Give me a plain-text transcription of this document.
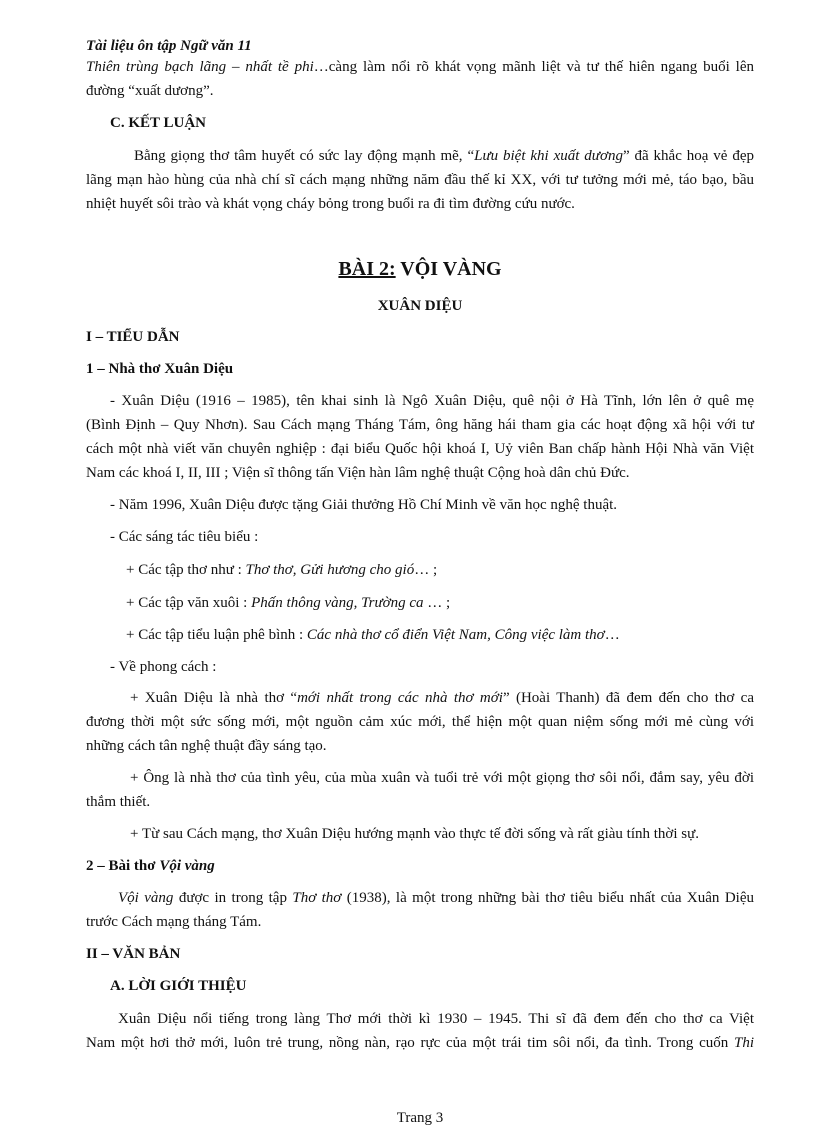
Tài liệu ôn tập Ngữ văn 11
Thiên trùng bạch lãng – nhất tề phi…càng làm nổi rõ khát vọng mãnh liệt và tư thế hiên ngang buổi lên
đường “xuất dương”.
C. KẾT LUẬN
Bằng giọng thơ tâm huyết có sức lay động mạnh mẽ, “Lưu biệt khi xuất dương” đã khắc hoạ vẻ đẹp
lãng mạn hào hùng của nhà chí sĩ cách mạng những năm đầu thế kỉ XX, với tư tưởng mới mẻ, táo bạo, bầu
nhiệt huyết sôi trào và khát vọng cháy bỏng trong buổi ra đi tìm đường cứu nước.
BÀI 2: VỘI VÀNG
XUÂN DIỆU
I – TIỂU DẪN
1 – Nhà thơ Xuân Diệu
- Xuân Diệu (1916 – 1985), tên khai sinh là Ngô Xuân Diệu, quê nội ở Hà Tĩnh, lớn lên ở quê mẹ
(Bình Định – Quy Nhơn). Sau Cách mạng Tháng Tám, ông hăng hái tham gia các hoạt động xã hội với tư
cách một nhà viết văn chuyên nghiệp : đại biểu Quốc hội khoá I, Uỷ viên Ban chấp hành Hội Nhà văn Việt
Nam các khoá I, II, III ; Viện sĩ thông tấn Viện hàn lâm nghệ thuật Cộng hoà dân chủ Đức.
- Năm 1996, Xuân Diệu được tặng Giải thưởng Hồ Chí Minh về văn học nghệ thuật.
- Các sáng tác tiêu biểu :
+ Các tập thơ như : Thơ thơ, Gửi hương cho gió… ;
+ Các tập văn xuôi : Phấn thông vàng, Trường ca … ;
+ Các tập tiểu luận phê bình : Các nhà thơ cổ điển Việt Nam, Công việc làm thơ…
- Về phong cách :
+ Xuân Diệu là nhà thơ “mới nhất trong các nhà thơ mới” (Hoài Thanh) đã đem đến cho thơ ca
đương thời một sức sống mới, một nguồn cảm xúc mới, thể hiện một quan niệm sống mới mẻ cùng với
những cách tân nghệ thuật đầy sáng tạo.
+ Ông là nhà thơ của tình yêu, của mùa xuân và tuổi trẻ với một giọng thơ sôi nổi, đắm say, yêu đời
thắm thiết.
+ Từ sau Cách mạng, thơ Xuân Diệu hướng mạnh vào thực tế đời sống và rất giàu tính thời sự.
2 – Bài thơ Vội vàng
Vội vàng được in trong tập Thơ thơ (1938), là một trong những bài thơ tiêu biểu nhất của Xuân Diệu
trước Cách mạng tháng Tám.
II – VĂN BẢN
A. LỜI GIỚI THIỆU
Xuân Diệu nổi tiếng trong làng Thơ mới thời kì 1930 – 1945. Thi sĩ đã đem đến cho thơ ca Việt
Nam một hơi thở mới, luôn trẻ trung, nồng nàn, rạo rực của một trái tim sôi nổi, đa tình. Trong cuốn Thi
Trang 3
